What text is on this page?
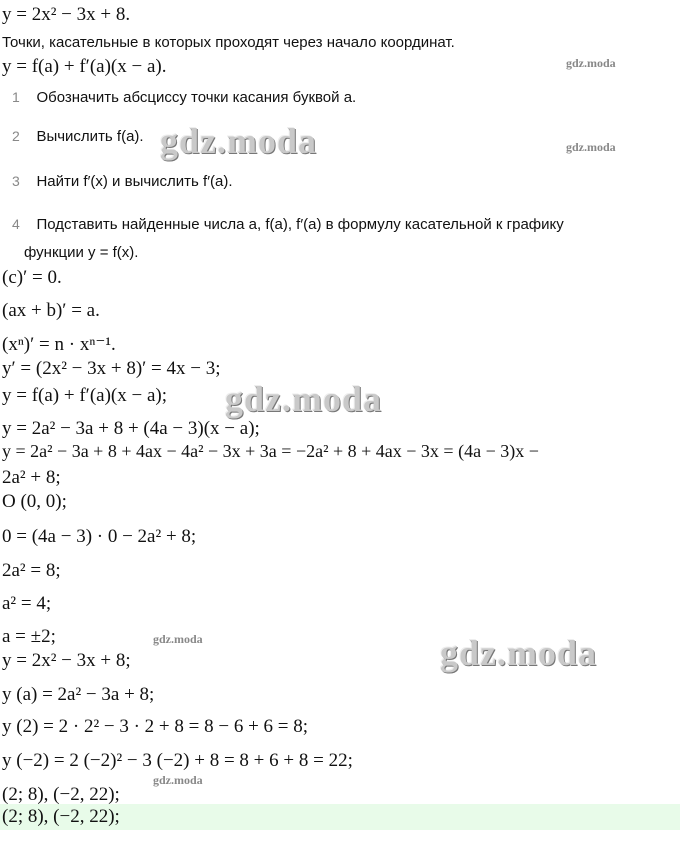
y = 2x² − 3x + 8.
Точки, касательные в которых проходят через начало координат.
y = f(a) + f′(a)(x − a).
1 Обозначить абсциссу точки касания буквой a.
2 Вычислить f(a).
3 Найти f′(x) и вычислить f′(a).
4 Подставить найденные числа a, f(a), f′(a) в формулу касательной к графику
функции y = f(x).
(c)′ = 0.
(ax + b)′ = a.
(xⁿ)′ = n · xⁿ⁻¹.
y′ = (2x² − 3x + 8)′ = 4x − 3;
y = f(a) + f′(a)(x − a);
y = 2a² − 3a + 8 + (4a − 3)(x − a);
y = 2a² − 3a + 8 + 4ax − 4a² − 3x + 3a = −2a² + 8 + 4ax − 3x = (4a − 3)x −
2a² + 8;
O (0, 0);
0 = (4a − 3) · 0 − 2a² + 8;
2a² = 8;
a² = 4;
a = ±2;
y = 2x² − 3x + 8;
y (a) = 2a² − 3a + 8;
y (2) = 2 · 2² − 3 · 2 + 8 = 8 − 6 + 6 = 8;
y (−2) = 2 (−2)² − 3 (−2) + 8 = 8 + 6 + 8 = 22;
(2; 8), (−2, 22);
(2; 8), (−2, 22);
gdz.moda
gdz.moda
gdz.moda
gdz.moda
gdz.moda	gdz.moda
gdz.moda
